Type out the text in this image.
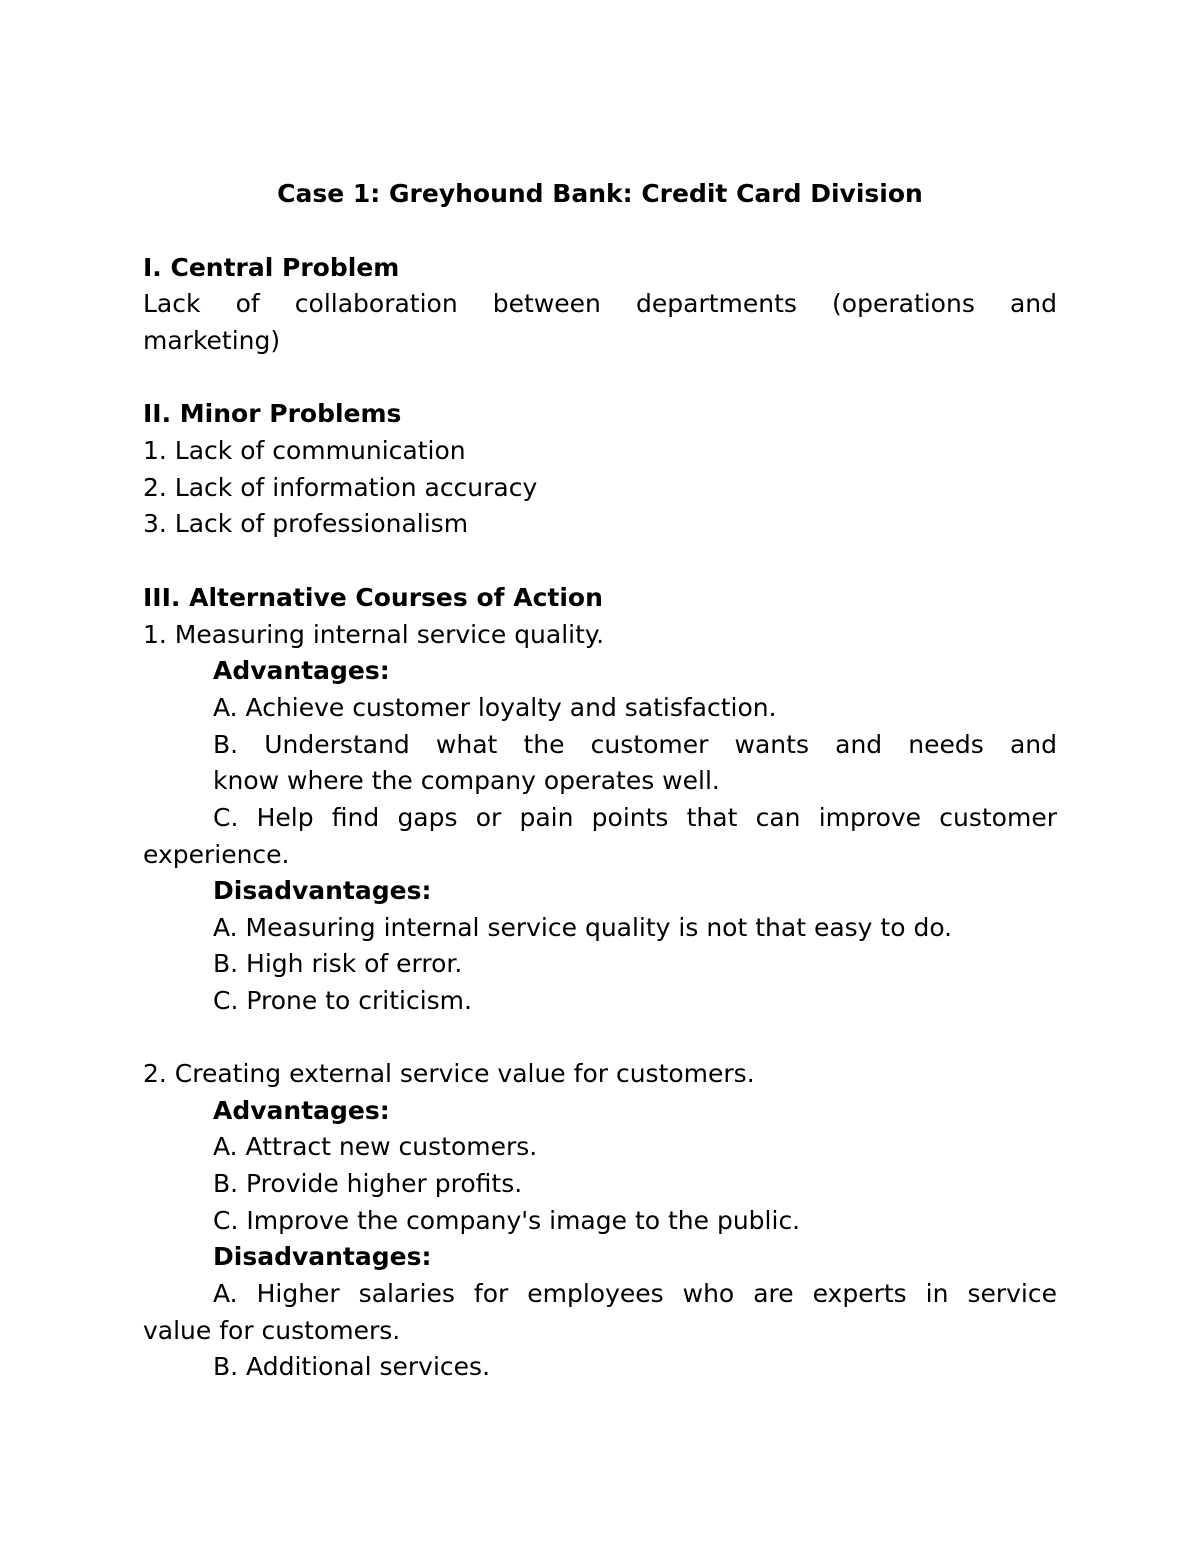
Case 1: Greyhound Bank: Credit Card Division
I. Central Problem
Lack of collaboration between departments (operations and
marketing)
II. Minor Problems
1. Lack of communication
2. Lack of information accuracy
3. Lack of professionalism
III. Alternative Courses of Action
1. Measuring internal service quality.
Advantages:
A. Achieve customer loyalty and satisfaction.
B. Understand what the customer wants and needs and
know where the company operates well.
C. Help find gaps or pain points that can improve customer
experience.
Disadvantages:
A. Measuring internal service quality is not that easy to do.
B. High risk of error.
C. Prone to criticism.
2. Creating external service value for customers.
Advantages:
A. Attract new customers.
B. Provide higher profits.
C. Improve the company's image to the public.
Disadvantages:
A. Higher salaries for employees who are experts in service
value for customers.
B. Additional services.
